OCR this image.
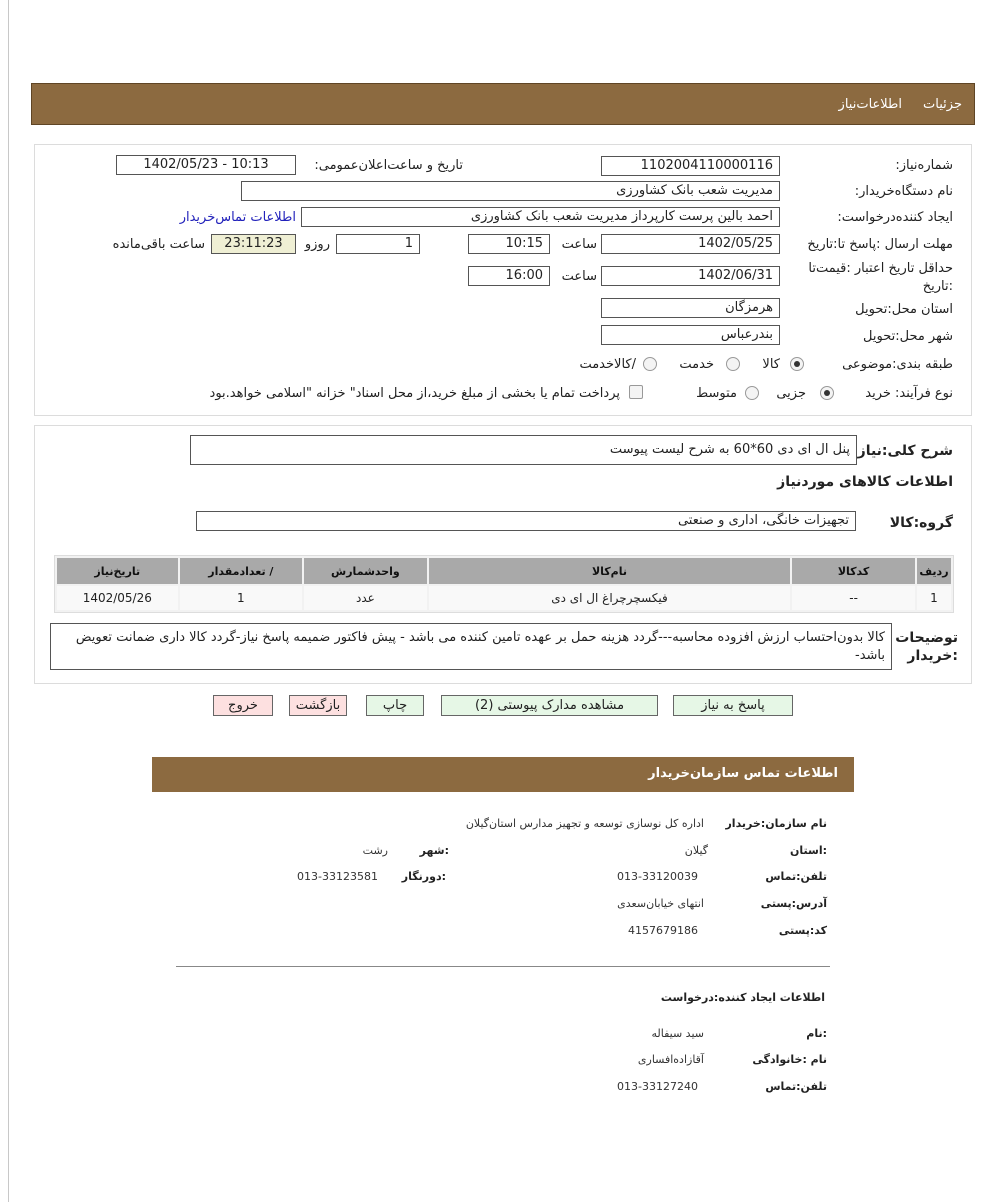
جزئیات
اطلاعات‌نیاز
شماره‌نیاز:
1102004110000116
تاریخ و ساعت‌اعلان‌عمومی:
1402/05/23 - 10:13
نام دستگاه‌خریدار:
مدیریت شعب بانک کشاورزی
ایجاد کننده‌درخواست:
احمد بالین پرست کارپرداز مدیریت شعب بانک کشاورزی
اطلاعات تماس‌خریدار
مهلت ارسال :پاسخ تا:تاریخ
1402/05/25
ساعت
10:15
1
روزو
23:11:23
ساعت باقی‌مانده
حداقل تاریخ اعتبار :قیمت‌تا
:تاریخ
1402/06/31
ساعت
16:00
استان محل:تحویل
هرمزگان
شهر محل:تحویل
بندرعباس
طبقه بندی:موضوعی
کالا
خدمت
/کالاخدمت
نوع فرآیند: خرید
جزیی
متوسط
پرداخت تمام یا بخشی از مبلغ خرید،از محل اسناد" خزانه "اسلامی خواهد.بود
شرح کلی:نیاز
پنل ال ای دی 60*60 به شرح لیست پیوست
اطلاعات کالاهای مورد‌نیاز
گروه:کالا
تجهیزات خانگی، اداری و صنعتی
ردیف	کدکالا	نام‌کالا	واحدشمارش	/ تعدادمقدار	تاریخ‌نیاز
1	--	فیکسچرچراغ ال ای دی	عدد	1	1402/05/26
توضیحات
:خریدار
کالا بدون‌احتساب ارزش افزوده محاسبه---گردد هزینه حمل بر عهده تامین کننده می باشد - پیش فاکتور ضمیمه پاسخ نیاز-گردد کالا داری ضمانت تعویض باشد-
پاسخ به نیاز
مشاهده مدارک پیوستی (2)
چاپ
بازگشت
خروج
اطلاعات تماس سازمان‌خریدار
نام سازمان:خریدار
اداره کل نوسازی توسعه و تجهیز مدارس استان‌گیلان
:استان
گیلان
:شهر
رشت
تلفن:تماس
013-33120039
:دورنگار
013-33123581
آدرس:پستی
انتهای خیابان‌سعدی
کد:پستی
4157679186
اطلاعات ایجاد کننده:درخواست
:نام
سید سیفاله
نام :خانوادگی
آقازاده‌افساری
تلفن:تماس
013-33127240
